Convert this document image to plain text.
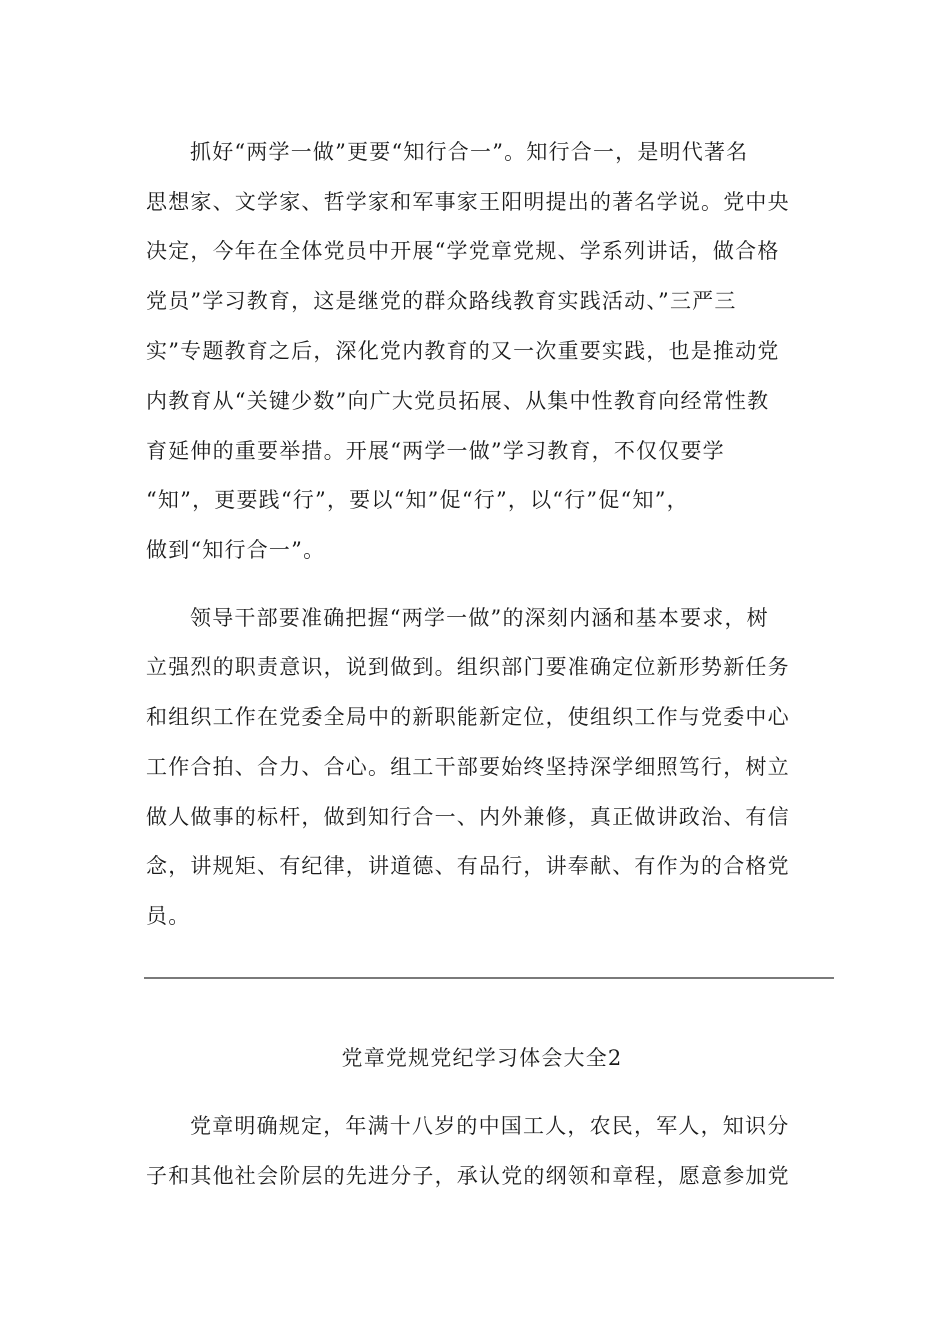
抓好“两学一做”更要“知行合一”。知行合一，是明代著名
思想家、文学家、哲学家和军事家王阳明提出的著名学说。党中央
决定，今年在全体党员中开展“学党章党规、学系列讲话，做合格
党员”学习教育，这是继党的群众路线教育实践活动、”三严三
实”专题教育之后，深化党内教育的又一次重要实践，也是推动党
内教育从“关键少数”向广大党员拓展、从集中性教育向经常性教
育延伸的重要举措。开展“两学一做”学习教育，不仅仅要学
“知”，更要践“行”，要以“知”促“行”，以“行”促“知”，
做到“知行合一”。
领导干部要准确把握“两学一做”的深刻内涵和基本要求，树
立强烈的职责意识，说到做到。组织部门要准确定位新形势新任务
和组织工作在党委全局中的新职能新定位，使组织工作与党委中心
工作合拍、合力、合心。组工干部要始终坚持深学细照笃行，树立
做人做事的标杆，做到知行合一、内外兼修，真正做讲政治、有信
念，讲规矩、有纪律，讲道德、有品行，讲奉献、有作为的合格党
员。
党章党规党纪学习体会大全2
党章明确规定，年满十八岁的中国工人，农民，军人，知识分
子和其他社会阶层的先进分子，承认党的纲领和章程，愿意参加党
